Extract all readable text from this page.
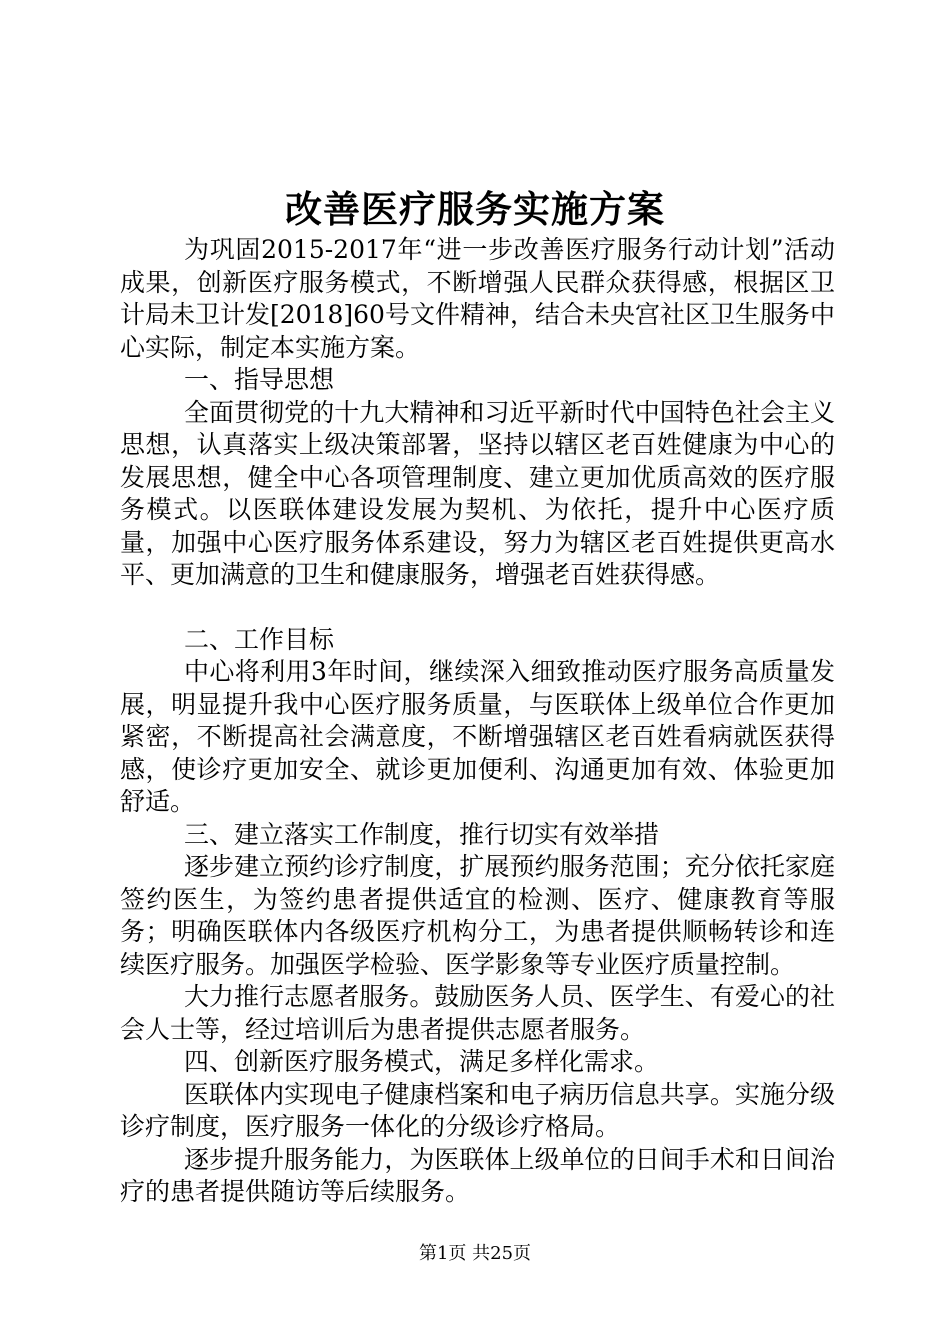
改善医疗服务实施方案

为巩固2015-2017年“进一步改善医疗服务行动计划”活动成果，创新医疗服务模式，不断增强人民群众获得感，根据区卫计局未卫计发[2018]60号文件精神，结合未央宫社区卫生服务中心实际，制定本实施方案。

一、指导思想

全面贯彻党的十九大精神和习近平新时代中国特色社会主义思想，认真落实上级决策部署，坚持以辖区老百姓健康为中心的发展思想，健全中心各项管理制度、建立更加优质高效的医疗服务模式。以医联体建设发展为契机、为依托，提升中心医疗质量，加强中心医疗服务体系建设，努力为辖区老百姓提供更高水平、更加满意的卫生和健康服务，增强老百姓获得感。

二、工作目标

中心将利用3年时间，继续深入细致推动医疗服务高质量发展，明显提升我中心医疗服务质量，与医联体上级单位合作更加紧密，不断提高社会满意度，不断增强辖区老百姓看病就医获得感，使诊疗更加安全、就诊更加便利、沟通更加有效、体验更加舒适。

三、建立落实工作制度，推行切实有效举措

逐步建立预约诊疗制度，扩展预约服务范围；充分依托家庭签约医生，为签约患者提供适宜的检测、医疗、健康教育等服务；明确医联体内各级医疗机构分工，为患者提供顺畅转诊和连续医疗服务。加强医学检验、医学影象等专业医疗质量控制。

大力推行志愿者服务。鼓励医务人员、医学生、有爱心的社会人士等，经过培训后为患者提供志愿者服务。

四、创新医疗服务模式，满足多样化需求。

医联体内实现电子健康档案和电子病历信息共享。实施分级诊疗制度，医疗服务一体化的分级诊疗格局。

逐步提升服务能力，为医联体上级单位的日间手术和日间治疗的患者提供随访等后续服务。

第1页 共25页
